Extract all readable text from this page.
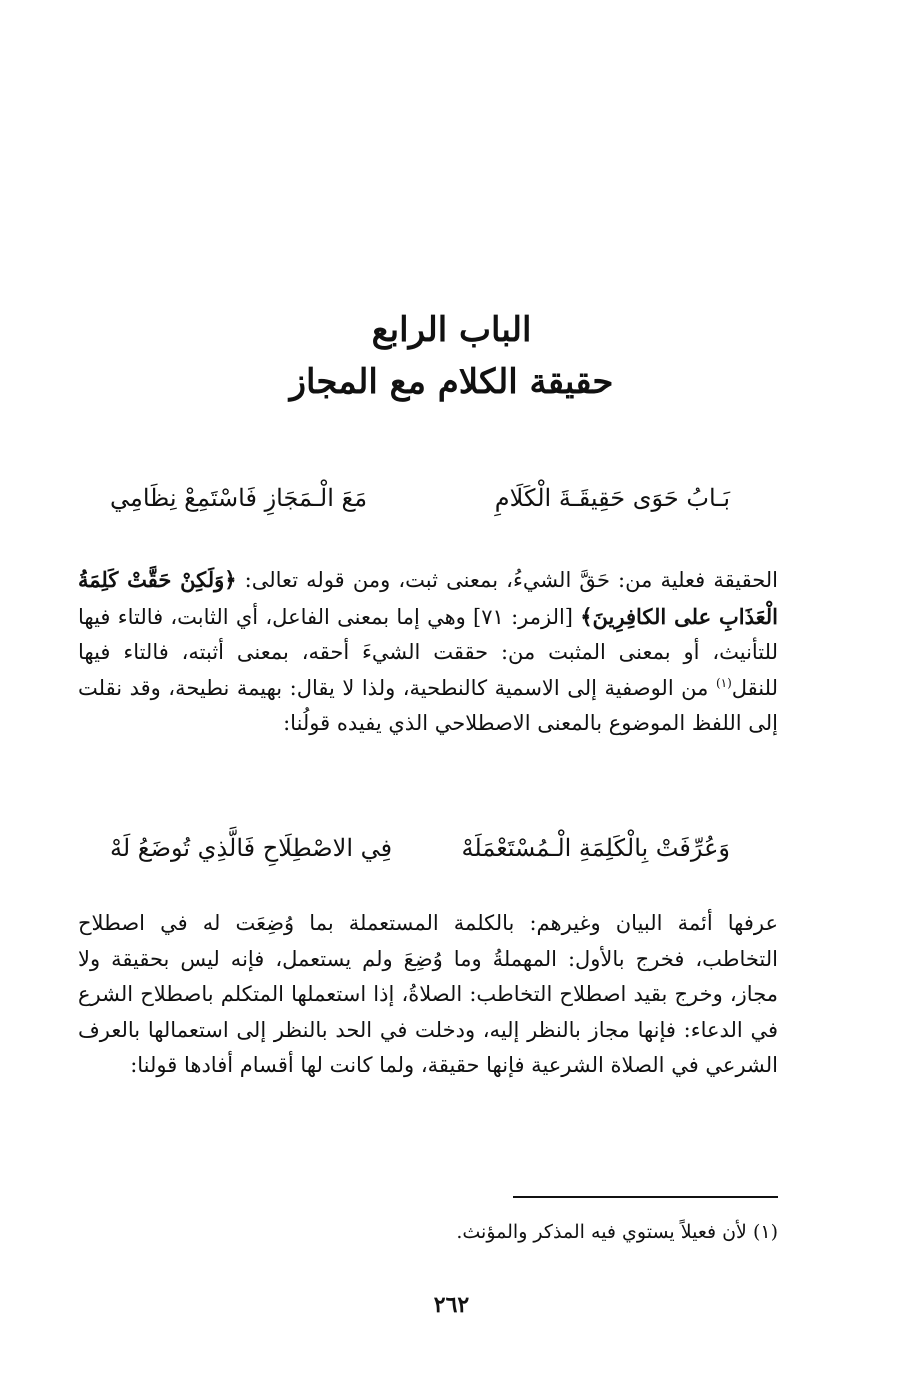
الباب الرابع

حقيقة الكلام مع المجاز

بَـابُ حَوَى حَقِيقَـةَ الْكَلَامِ
مَعَ الْـمَجَازِ فَاسْتَمِعْ نِظَامِي

الحقيقة فعلية من: حَقَّ الشيءُ، بمعنى ثبت، ومن قوله تعالى: ﴿وَلَكِنْ حَقَّتْ كَلِمَةُ الْعَذَابِ على الكافِرِينَ﴾ [الزمر: ٧١] وهي إما بمعنى الفاعل، أي الثابت، فالتاء فيها للتأنيث، أو بمعنى المثبت من: حققت الشيءَ أحقه، بمعنى أثبته، فالتاء فيها للنقل$^{(١)}$ من الوصفية إلى الاسمية كالنطحية، ولذا لا يقال: بهيمة نطيحة، وقد نقلت إلى اللفظ الموضوع بالمعنى الاصطلاحي الذي يفيده قولُنا:

وَعُرِّفَتْ بِالْكَلِمَةِ الْـمُسْتَعْمَلَهْ
فِي الاصْطِلَاحِ فَالَّذِي تُوضَعُ لَهْ

عرفها أئمة البيان وغيرهم: بالكلمة المستعملة بما وُضِعَت له في اصطلاح التخاطب، فخرج بالأول: المهملةُ وما وُضِعَ ولم يستعمل، فإنه ليس بحقيقة ولا مجاز، وخرج بقيد اصطلاح التخاطب: الصلاةُ، إذا استعملها المتكلم باصطلاح الشرع في الدعاء: فإنها مجاز بالنظر إليه، ودخلت في الحد بالنظر إلى استعمالها بالعرف الشرعي في الصلاة الشرعية فإنها حقيقة، ولما كانت لها أقسام أفادها قولنا:

(١) لأن فعيلاً يستوي فيه المذكر والمؤنث.
٢٦٢
